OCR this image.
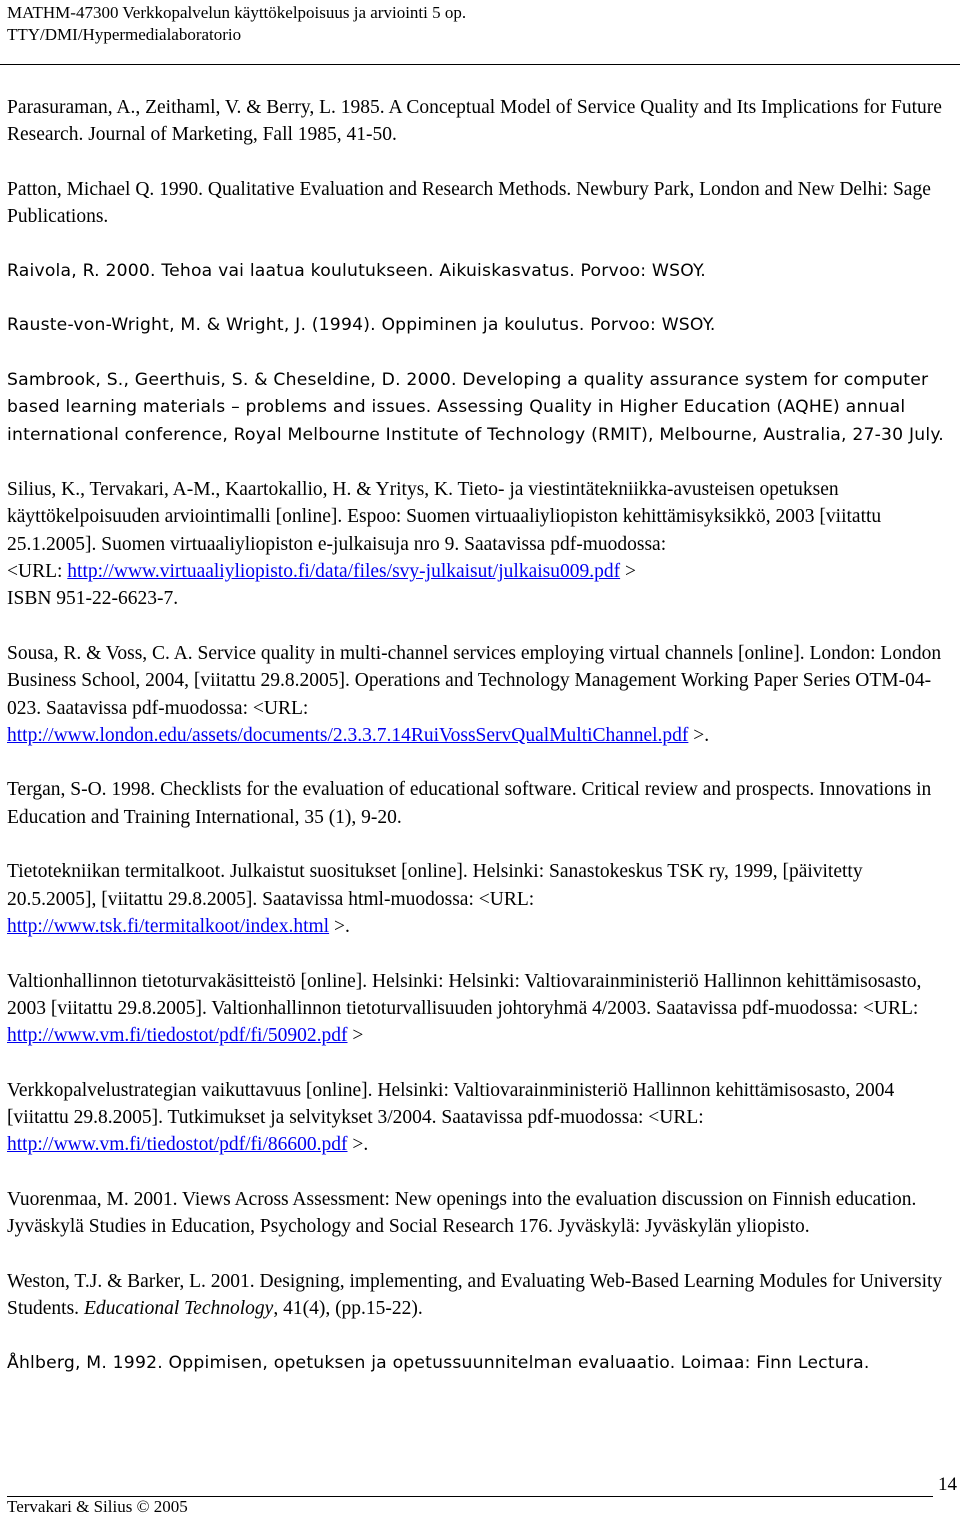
MATHM-47300 Verkkopalvelun käyttökelpoisuus ja arviointi 5 op.
TTY/DMI/Hypermedialaboratorio

Parasuraman, A., Zeithaml, V. & Berry, L. 1985. A Conceptual Model of Service Quality and Its Implications for Future Research. Journal of Marketing, Fall 1985, 41-50.

Patton, Michael Q. 1990. Qualitative Evaluation and Research Methods. Newbury Park, London and New Delhi: Sage Publications.

Raivola, R. 2000. Tehoa vai laatua koulutukseen. Aikuiskasvatus. Porvoo: WSOY.

Rauste-von-Wright, M. & Wright, J. (1994). Oppiminen ja koulutus. Porvoo: WSOY.

Sambrook, S., Geerthuis, S. & Cheseldine, D. 2000. Developing a quality assurance system for computer based learning materials – problems and issues. Assessing Quality in Higher Education (AQHE) annual international conference, Royal Melbourne Institute of Technology (RMIT), Melbourne, Australia, 27-30 July.

Silius, K., Tervakari, A-M., Kaartokallio, H. & Yritys, K. Tieto- ja viestintätekniikka-avusteisen opetuksen käyttökelpoisuuden arviointimalli [online]. Espoo: Suomen virtuaaliyliopiston kehittämisyksikkö, 2003 [viitattu 25.1.2005]. Suomen virtuaaliyliopiston e-julkaisuja nro 9. Saatavissa pdf-muodossa:
<URL: http://www.virtuaaliyliopisto.fi/data/files/svy-julkaisut/julkaisu009.pdf >
ISBN 951-22-6623-7.

Sousa, R. & Voss, C. A. Service quality in multi-channel services employing virtual channels [online]. London: London Business School, 2004, [viitattu 29.8.2005]. Operations and Technology Management Working Paper Series OTM-04-023. Saatavissa pdf-muodossa: <URL:
http://www.london.edu/assets/documents/2.3.3.7.14RuiVossServQualMultiChannel.pdf >.

Tergan, S-O. 1998. Checklists for the evaluation of educational software. Critical review and prospects. Innovations in Education and Training International, 35 (1), 9-20.

Tietotekniikan termitalkoot. Julkaistut suositukset [online]. Helsinki: Sanastokeskus TSK ry, 1999, [päivitetty 20.5.2005], [viitattu 29.8.2005]. Saatavissa html-muodossa: <URL:
http://www.tsk.fi/termitalkoot/index.html >.

Valtionhallinnon tietoturvakäsitteistö [online]. Helsinki: Helsinki: Valtiovarainministeriö Hallinnon kehittämisosasto, 2003 [viitattu 29.8.2005]. Valtionhallinnon tietoturvallisuuden johtoryhmä 4/2003. Saatavissa pdf-muodossa: <URL: http://www.vm.fi/tiedostot/pdf/fi/50902.pdf >

Verkkopalvelustrategian vaikuttavuus [online]. Helsinki: Valtiovarainministeriö Hallinnon kehittämisosasto, 2004 [viitattu 29.8.2005]. Tutkimukset ja selvitykset 3/2004. Saatavissa pdf-muodossa: <URL: http://www.vm.fi/tiedostot/pdf/fi/86600.pdf >.

Vuorenmaa, M. 2001. Views Across Assessment: New openings into the evaluation discussion on Finnish education. Jyväskylä Studies in Education, Psychology and Social Research 176. Jyväskylä: Jyväskylän yliopisto.

Weston, T.J. & Barker, L. 2001. Designing, implementing, and Evaluating Web-Based Learning Modules for University Students. Educational Technology, 41(4), (pp.15-22).

Åhlberg, M. 1992. Oppimisen, opetuksen ja opetussuunnitelman evaluaatio. Loimaa: Finn Lectura.

14
Tervakari & Silius © 2005
